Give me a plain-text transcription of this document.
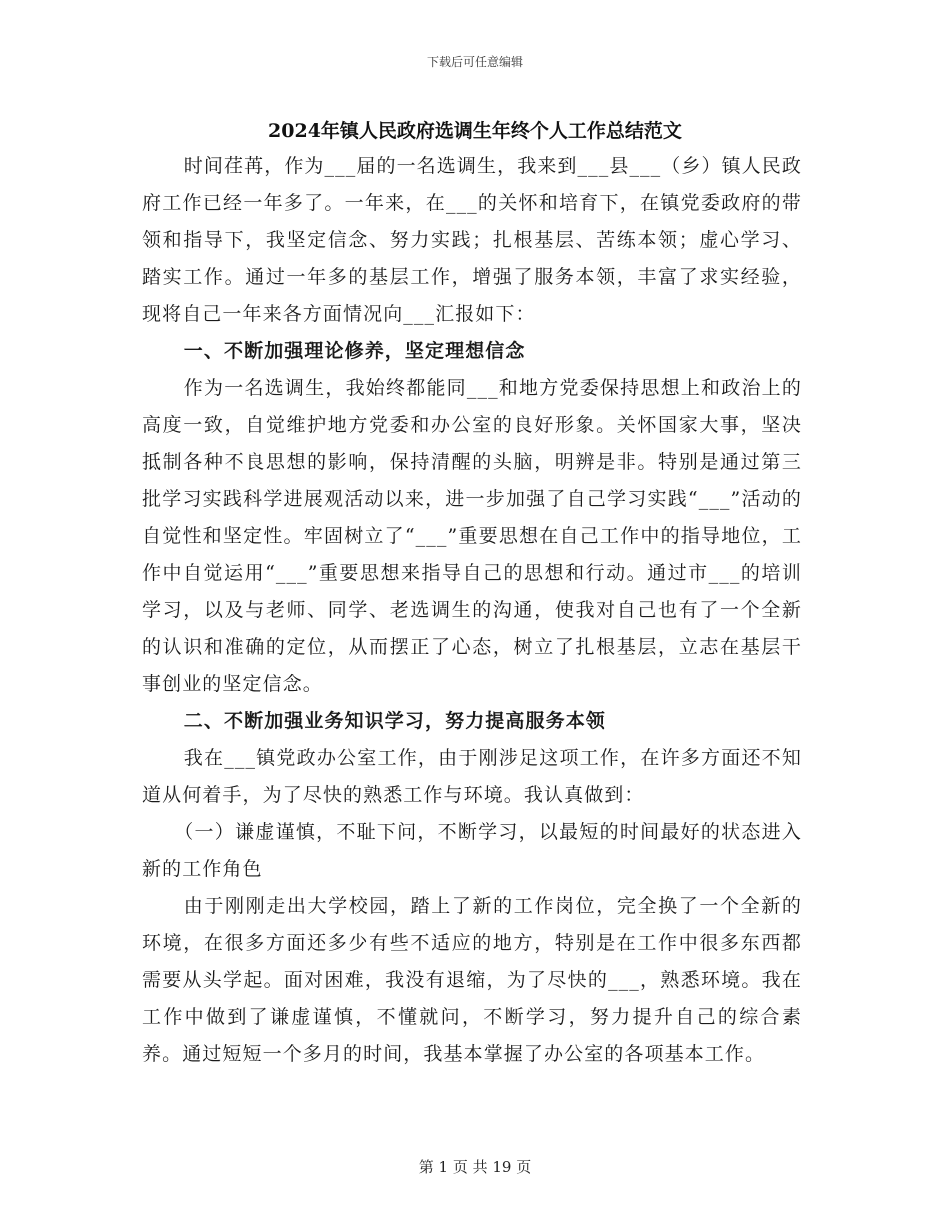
下载后可任意编辑
2024年镇人民政府选调生年终个人工作总结范文

时间荏苒，作为___届的一名选调生，我来到___县___（乡）镇人民政府工作已经一年多了。一年来，在___的关怀和培育下，在镇党委政府的带领和指导下，我坚定信念、努力实践；扎根基层、苦练本领；虚心学习、踏实工作。通过一年多的基层工作，增强了服务本领，丰富了求实经验，现将自己一年来各方面情况向___汇报如下：

一、不断加强理论修养，坚定理想信念

作为一名选调生，我始终都能同___和地方党委保持思想上和政治上的高度一致，自觉维护地方党委和办公室的良好形象。关怀国家大事，坚决抵制各种不良思想的影响，保持清醒的头脑，明辨是非。特别是通过第三批学习实践科学进展观活动以来，进一步加强了自己学习实践“___”活动的自觉性和坚定性。牢固树立了“___”重要思想在自己工作中的指导地位，工作中自觉运用“___”重要思想来指导自己的思想和行动。通过市___的培训学习，以及与老师、同学、老选调生的沟通，使我对自己也有了一个全新的认识和准确的定位，从而摆正了心态，树立了扎根基层，立志在基层干事创业的坚定信念。

二、不断加强业务知识学习，努力提高服务本领

我在___镇党政办公室工作，由于刚涉足这项工作，在许多方面还不知道从何着手，为了尽快的熟悉工作与环境。我认真做到：

（一）谦虚谨慎，不耻下问，不断学习，以最短的时间最好的状态进入新的工作角色

由于刚刚走出大学校园，踏上了新的工作岗位，完全换了一个全新的环境，在很多方面还多少有些不适应的地方，特别是在工作中很多东西都需要从头学起。面对困难，我没有退缩，为了尽快的___，熟悉环境。我在工作中做到了谦虚谨慎，不懂就问，不断学习，努力提升自己的综合素养。通过短短一个多月的时间，我基本掌握了办公室的各项基本工作。

第 1 页 共 19 页
